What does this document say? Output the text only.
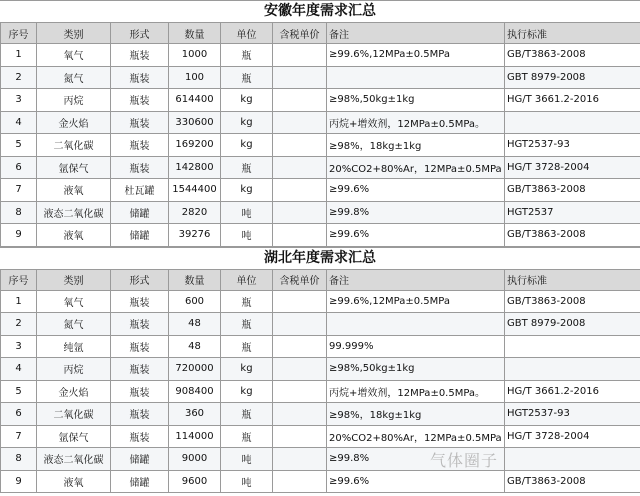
安徽年度需求汇总
序号	类别	形式	数量	单位	含税单价	备注	执行标准
1	氧气	瓶装	1000	瓶		≥99.6%,12MPa±0.5MPa	GB/T3863-2008
2	氮气	瓶装	100	瓶			GBT 8979-2008
3	丙烷	瓶装	614400	kg		≥98%,50kg±1kg	HG/T 3661.2-2016
4	金火焰	瓶装	330600	kg		丙烷+增效剂，12MPa±0.5MPa。	
5	二氧化碳	瓶装	169200	kg		≥98%，18kg±1kg	HGT2537-93
6	氩保气	瓶装	142800	瓶		20%CO2+80%Ar，12MPa±0.5MPa	HG/T 3728-2004
7	液氧	杜瓦罐	1544400	kg		≥99.6%	GB/T3863-2008
8	液态二氧化碳	储罐	2820	吨		≥99.8%	HGT2537
9	液氧	储罐	39276	吨		≥99.6%	GB/T3863-2008
湖北年度需求汇总
序号	类别	形式	数量	单位	含税单价	备注	执行标准
1	氧气	瓶装	600	瓶		≥99.6%,12MPa±0.5MPa	GB/T3863-2008
2	氮气	瓶装	48	瓶			GBT 8979-2008
3	纯氩	瓶装	48	瓶		99.999%	
4	丙烷	瓶装	720000	kg		≥98%,50kg±1kg	
5	金火焰	瓶装	908400	kg		丙烷+增效剂，12MPa±0.5MPa。	HG/T 3661.2-2016
6	二氧化碳	瓶装	360	瓶		≥98%，18kg±1kg	HGT2537-93
7	氩保气	瓶装	114000	瓶		20%CO2+80%Ar，12MPa±0.5MPa	HG/T 3728-2004
8	液态二氧化碳	储罐	9000	吨		≥99.8%	
9	液氧	储罐	9600	吨		≥99.6%	GB/T3863-2008
气体圈子
